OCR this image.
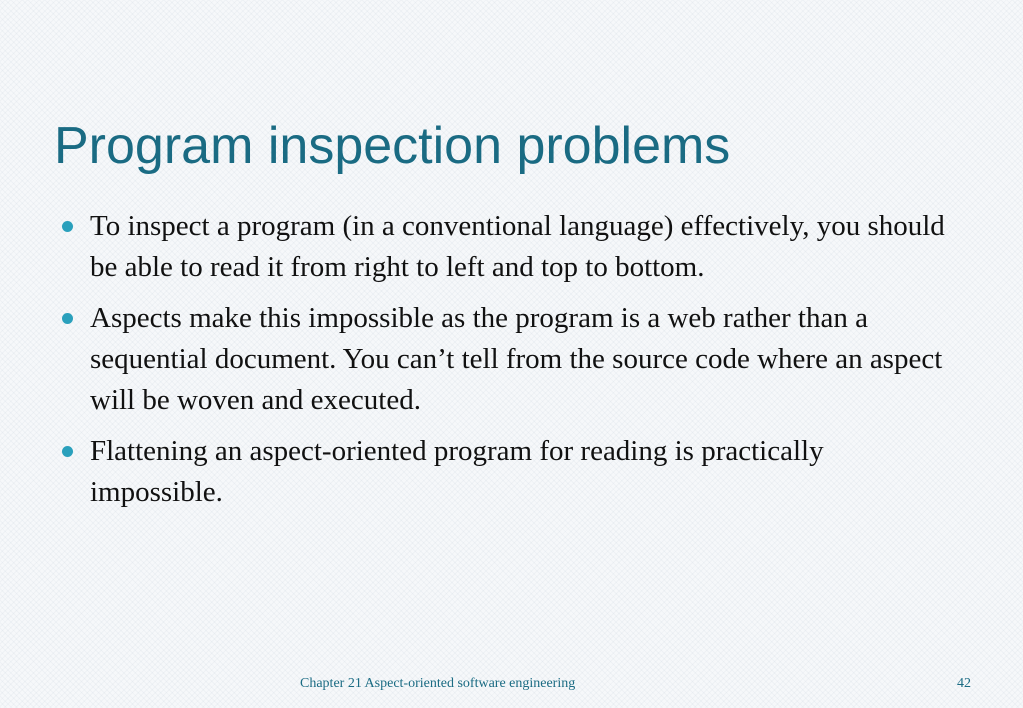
Program inspection problems
To inspect a program (in a conventional language) effectively, you should be able to read it from right to left and top to bottom.
Aspects make this impossible as the program is a web rather than a sequential document. You can’t tell from the source code where an aspect will be woven and executed.
Flattening an aspect-oriented program for reading is practically impossible.
Chapter 21 Aspect-oriented software engineering	42
